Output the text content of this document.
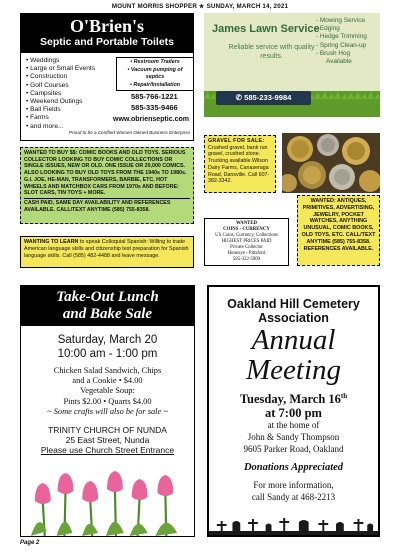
MOUNT MORRIS SHOPPER ★ SUNDAY, MARCH 14, 2021
O'Brien's
Septic and Portable Toilets
• Weddings
• Large or Small Events
• Construction
• Golf Courses
• Campsites
• Weekend Outings
• Ball Fields
• Farms
• and more...
• Restroom Trailers
• Vacuum pumping of septics
• Repair/Installation
585-766-1221
585-335-9466
www.obrienseptic.com
Proud to be a Certified Women Owned Business Enterprise
James Lawn Service
Reliable service with quality results.
- Mowing Service
- Edging
- Hedge Trimming
- Spring Clean-up
- Brush Hog
Available
✆ 585-233-9984
WANTED TO BUY $$: COMIC BOOKS AND OLD TOYS. SERIOUS COLLECTOR LOOKING TO BUY COMIC COLLECTIONS OR SINGLE ISSUES, NEW OR OLD. ONE ISSUE OR 20,000 COMICS. ALSO LOOKING TO BUY OLD TOYS FROM THE 1940s TO 1980s. G.I. JOE, HE-MAN, TRANSFORMERS, BARBIE, ETC. HOT WHEELS AND MATCHBOX CARS FROM 1970s AND BEFORE: SLOT CARS, TIN TOYS + MORE.
CASH PAID, SAME DAY AVAILABILITY AND REFERENCES AVAILABLE. CALL/TEXT ANYTIME (585) 755-8358.
GRAVEL FOR SALE:
Crushed gravel, bank run gravel, crushed stone. Trucking available.Wilson Dairy Farms, Canaseraga Road, Dansville. Call 607-382-3342.
WANTED
COINS - CURRENCY
US Coins, Currency, Collections
HIGHEST PRICES PAID
Private Collector
Honeoye - Pittsford
585-322-5909
WANTED: ANTIQUES, PRIMITIVES, ADVERTISING, JEWELRY, POCKET WATCHES, ANYTHING UNUSUAL, COMIC BOOKS, OLD TOYS, ETC. CALL/TEXT ANYTIME (585) 755-8358. REFERENCES AVAILABLE.
WANTING TO LEARN to speak Colloquial Spanish: Willing to trade American language skills and citizenship test preparation for Spanish language skills. Call (585) 482-4488 and leave message.
Take-Out Lunch
and Bake Sale
Saturday, March 20
10:00 am - 1:00 pm
Chicken Salad Sandwich, Chips
and a Cookie • $4.00
Vegetable Soup:
Pints $2.00 • Quarts $4.00
~ Some crafts will also be for sale ~
TRINITY CHURCH OF NUNDA
25 East Street, Nunda
Please use Church Street Entrance
Oakland Hill Cemetery
Association
Annual
Meeting
Tuesday, March 16th
at 7:00 pm
at the home of
John & Sandy Thompson
9605 Parker Road, Oakland
Donations Appreciated
For more information,
call Sandy at 468-2213
Page 2
